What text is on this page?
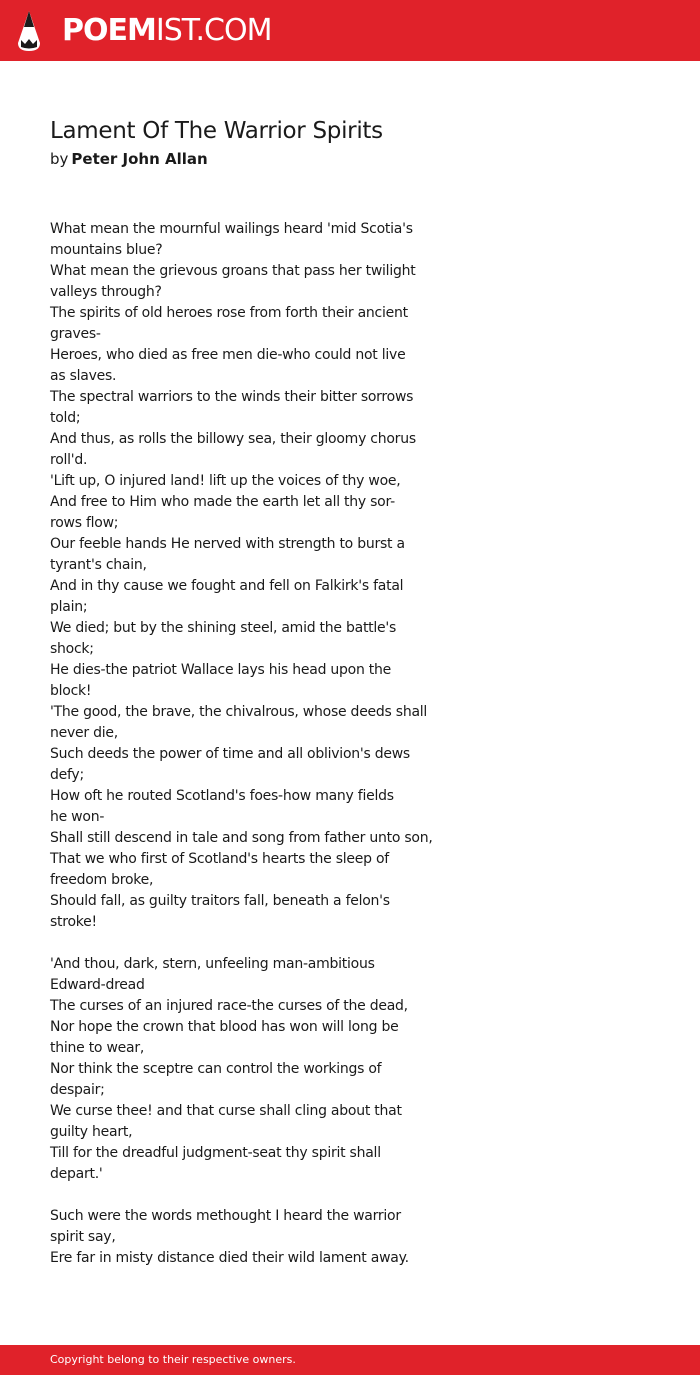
POEMIST.COM
Lament Of The Warrior Spirits
by Peter John Allan
What mean the mournful wailings heard 'mid Scotia's
mountains blue?
What mean the grievous groans that pass her twilight
valleys through?
The spirits of old heroes rose from forth their ancient
graves-
Heroes, who died as free men die-who could not live
as slaves.
The spectral warriors to the winds their bitter sorrows
told;
And thus, as rolls the billowy sea, their gloomy chorus
roll'd.
'Lift up, O injured land! lift up the voices of thy woe,
And free to Him who made the earth let all thy sor-
rows flow;
Our feeble hands He nerved with strength to burst a
tyrant's chain,
And in thy cause we fought and fell on Falkirk's fatal
plain;
We died; but by the shining steel, amid the battle's
shock;
He dies-the patriot Wallace lays his head upon the
block!
'The good, the brave, the chivalrous, whose deeds shall
never die,
Such deeds the power of time and all oblivion's dews
defy;
How oft he routed Scotland's foes-how many fields
he won-
Shall still descend in tale and song from father unto son,
That we who first of Scotland's hearts the sleep of
freedom broke,
Should fall, as guilty traitors fall, beneath a felon's
stroke!
'And thou, dark, stern, unfeeling man-ambitious
Edward-dread
The curses of an injured race-the curses of the dead,
Nor hope the crown that blood has won will long be
thine to wear,
Nor think the sceptre can control the workings of
despair;
We curse thee! and that curse shall cling about that
guilty heart,
Till for the dreadful judgment-seat thy spirit shall
depart.'
Such were the words methought I heard the warrior
spirit say,
Ere far in misty distance died their wild lament away.
Copyright belong to their respective owners.
